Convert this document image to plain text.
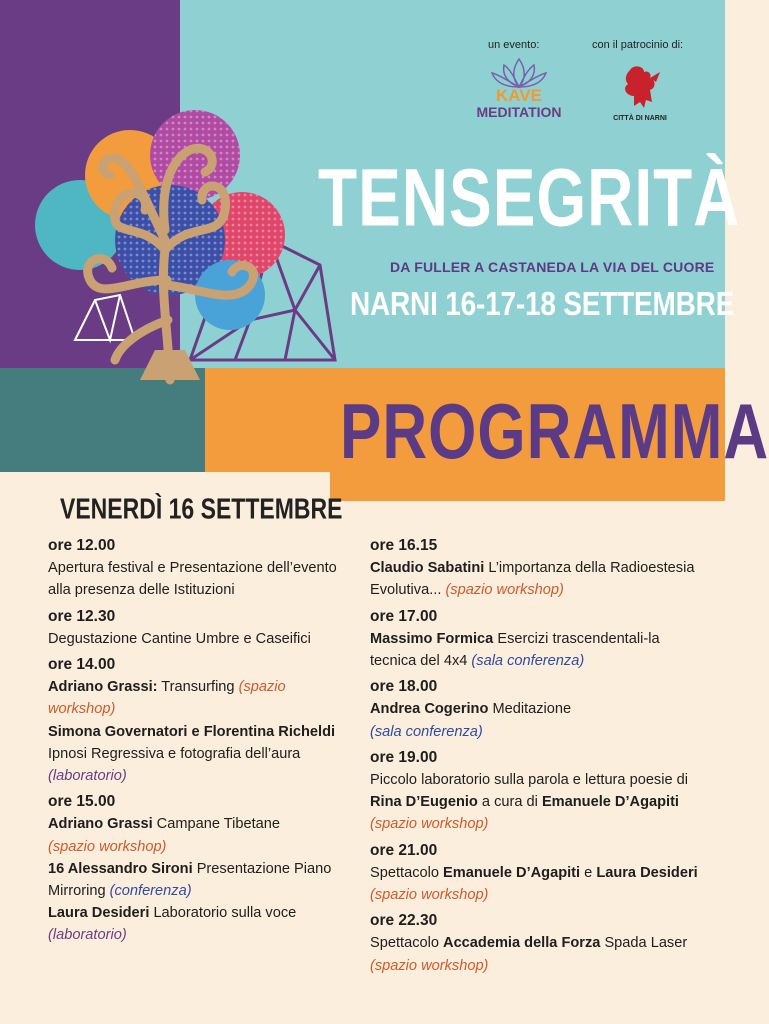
un evento:	con il patrocinio di:
KAVE
MEDITATION	CITTÀ DI NARNI
TENSEGRITÀ
DA FULLER A CASTANEDA LA VIA DEL CUORE
NARNI 16-17-18 SETTEMBRE
PROGRAMMA
VENERDÌ 16 SETTEMBRE
ore 12.00
Apertura festival e Presentazione dell’evento alla presenza delle Istituzioni
ore 12.30
Degustazione Cantine Umbre e Caseifici
ore 14.00
Adriano Grassi: Transurfing (spazio workshop)
Simona Governatori e Florentina Richeldi
Ipnosi Regressiva e fotografia dell’aura
(laboratorio)
ore 15.00
Adriano Grassi Campane Tibetane
(spazio workshop)
16 Alessandro Sironi Presentazione Piano Mirroring (conferenza)
Laura Desideri Laboratorio sulla voce
(laboratorio)
ore 16.15
Claudio Sabatini L’importanza della Radioestesia Evolutiva... (spazio workshop)
ore 17.00
Massimo Formica Esercizi trascendentali-la tecnica del 4x4 (sala conferenza)
ore 18.00
Andrea Cogerino Meditazione
(sala conferenza)
ore 19.00
Piccolo laboratorio sulla parola e lettura poesie di Rina D’Eugenio a cura di Emanuele D’Agapiti (spazio workshop)
ore 21.00
Spettacolo Emanuele D’Agapiti e Laura Desideri (spazio workshop)
ore 22.30
Spettacolo Accademia della Forza Spada Laser
(spazio workshop)
